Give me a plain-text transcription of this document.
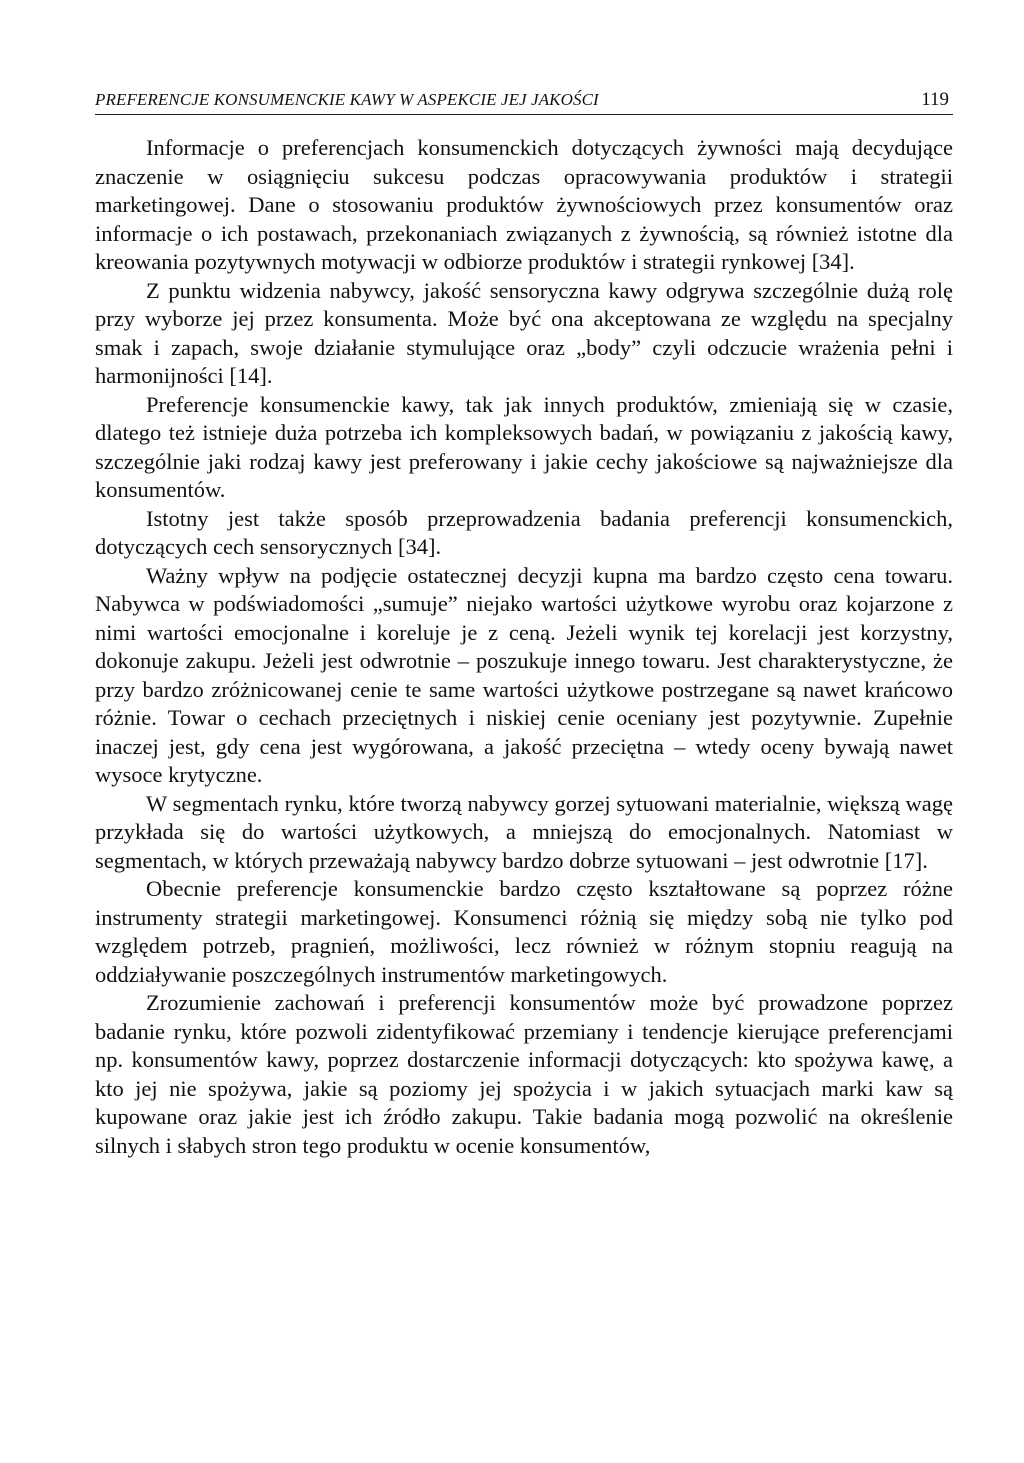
PREFERENCJE KONSUMENCKIE KAWY W ASPEKCIE JEJ JAKOŚCI	119

Informacje o preferencjach konsumenckich dotyczących żywności mają decydujące znaczenie w osiągnięciu sukcesu podczas opracowywania produktów i strategii marketingowej. Dane o stosowaniu produktów żywnościowych przez konsumentów oraz informacje o ich postawach, przekonaniach związanych z żywnością, są również istotne dla kreowania pozytywnych motywacji w odbiorze produktów i strategii rynkowej [34].

Z punktu widzenia nabywcy, jakość sensoryczna kawy odgrywa szczególnie dużą rolę przy wyborze jej przez konsumenta. Może być ona akceptowana ze względu na specjalny smak i zapach, swoje działanie stymulujące oraz „body” czyli odczucie wrażenia pełni i harmonijności [14].

Preferencje konsumenckie kawy, tak jak innych produktów, zmieniają się w czasie, dlatego też istnieje duża potrzeba ich kompleksowych badań, w powiązaniu z jakością kawy, szczególnie jaki rodzaj kawy jest preferowany i jakie cechy jakościowe są najważniejsze dla konsumentów.

Istotny jest także sposób przeprowadzenia badania preferencji konsumenckich, dotyczących cech sensorycznych [34].

Ważny wpływ na podjęcie ostatecznej decyzji kupna ma bardzo często cena towaru. Nabywca w podświadomości „sumuje” niejako wartości użytkowe wyrobu oraz kojarzone z nimi wartości emocjonalne i koreluje je z ceną. Jeżeli wynik tej korelacji jest korzystny, dokonuje zakupu. Jeżeli jest odwrotnie – poszukuje innego towaru. Jest charakterystyczne, że przy bardzo zróżnicowanej cenie te same wartości użytkowe postrzegane są nawet krańcowo różnie. Towar o cechach przeciętnych i niskiej cenie oceniany jest pozytywnie. Zupełnie inaczej jest, gdy cena jest wygórowana, a jakość przeciętna – wtedy oceny bywają nawet wysoce krytyczne.

W segmentach rynku, które tworzą nabywcy gorzej sytuowani materialnie, większą wagę przykłada się do wartości użytkowych, a mniejszą do emocjonalnych. Natomiast w segmentach, w których przeważają nabywcy bardzo dobrze sytuowani – jest odwrotnie [17].

Obecnie preferencje konsumenckie bardzo często kształtowane są poprzez różne instrumenty strategii marketingowej. Konsumenci różnią się między sobą nie tylko pod względem potrzeb, pragnień, możliwości, lecz również w różnym stopniu reagują na oddziaływanie poszczególnych instrumentów marketingowych.

Zrozumienie zachowań i preferencji konsumentów może być prowadzone poprzez badanie rynku, które pozwoli zidentyfikować przemiany i tendencje kierujące preferencjami np. konsumentów kawy, poprzez dostarczenie informacji dotyczących: kto spożywa kawę, a kto jej nie spożywa, jakie są poziomy jej spożycia i w jakich sytuacjach marki kaw są kupowane oraz jakie jest ich źródło zakupu. Takie badania mogą pozwolić na określenie silnych i słabych stron tego produktu w ocenie konsumentów,
